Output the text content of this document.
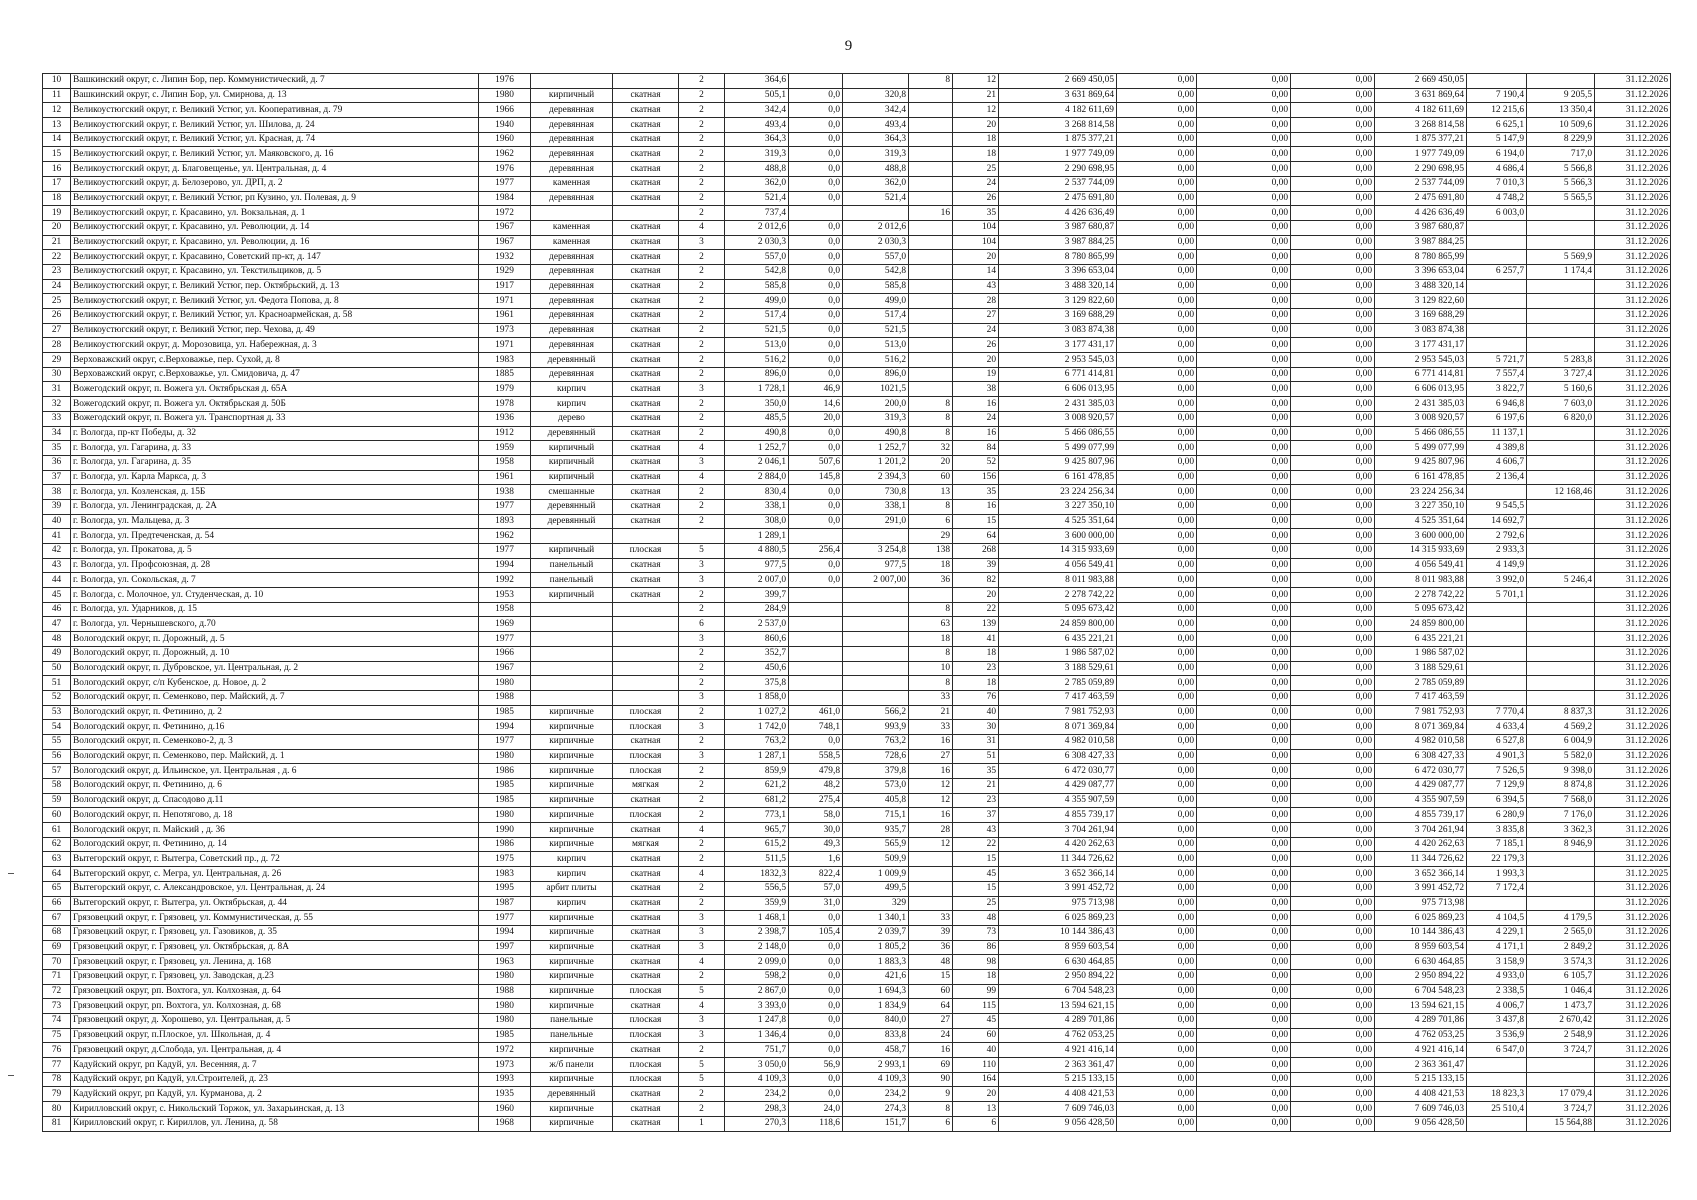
9
10	Вашкинский округ, с. Липин Бор, пер. Коммунистический, д. 7	1976			2	364,6			8	12	2 669 450,05	0,00	0,00	0,00	2 669 450,05			31.12.2026
11	Вашкинский округ, с. Липин Бор, ул. Смирнова, д. 13	1980	кирпичный	скатная	2	505,1	0,0	320,8		21	3 631 869,64	0,00	0,00	0,00	3 631 869,64	7 190,4	9 205,5	31.12.2026
12	Великоустюгский округ, г. Великий Устюг, ул. Кооперативная, д. 79	1966	деревянная	скатная	2	342,4	0,0	342,4		12	4 182 611,69	0,00	0,00	0,00	4 182 611,69	12 215,6	13 350,4	31.12.2026
13	Великоустюгский округ, г. Великий Устюг, ул. Шилова, д. 24	1940	деревянная	скатная	2	493,4	0,0	493,4		20	3 268 814,58	0,00	0,00	0,00	3 268 814,58	6 625,1	10 509,6	31.12.2026
14	Великоустюгский округ, г. Великий Устюг, ул. Красная, д. 74	1960	деревянная	скатная	2	364,3	0,0	364,3		18	1 875 377,21	0,00	0,00	0,00	1 875 377,21	5 147,9	8 229,9	31.12.2026
15	Великоустюгский округ, г. Великий Устюг, ул. Маяковского, д. 16	1962	деревянная	скатная	2	319,3	0,0	319,3		18	1 977 749,09	0,00	0,00	0,00	1 977 749,09	6 194,0	717,0	31.12.2026
16	Великоустюгский округ, д. Благовещенье, ул. Центральная, д. 4	1976	деревянная	скатная	2	488,8	0,0	488,8		25	2 290 698,95	0,00	0,00	0,00	2 290 698,95	4 686,4	5 566,8	31.12.2026
17	Великоустюгский округ, д. Белозерово, ул. ДРП, д. 2	1977	каменная	скатная	2	362,0	0,0	362,0		24	2 537 744,09	0,00	0,00	0,00	2 537 744,09	7 010,3	5 566,3	31.12.2026
18	Великоустюгский округ, г. Великий Устюг, рп Кузино, ул. Полевая, д. 9	1984	деревянная	скатная	2	521,4	0,0	521,4		26	2 475 691,80	0,00	0,00	0,00	2 475 691,80	4 748,2	5 565,5	31.12.2026
19	Великоустюгский округ, г. Красавино, ул. Вокзальная, д. 1	1972			2	737,4			16	35	4 426 636,49	0,00	0,00	0,00	4 426 636,49	6 003,0		31.12.2026
20	Великоустюгский округ, г. Красавино, ул. Революции, д. 14	1967	каменная	скатная	4	2 012,6	0,0	2 012,6		104	3 987 680,87	0,00	0,00	0,00	3 987 680,87			31.12.2026
21	Великоустюгский округ, г. Красавино, ул. Революции, д. 16	1967	каменная	скатная	3	2 030,3	0,0	2 030,3		104	3 987 884,25	0,00	0,00	0,00	3 987 884,25			31.12.2026
22	Великоустюгский округ, г. Красавино, Советский пр-кт, д. 147	1932	деревянная	скатная	2	557,0	0,0	557,0		20	8 780 865,99	0,00	0,00	0,00	8 780 865,99		5 569,9	31.12.2026
23	Великоустюгский округ, г. Красавино, ул. Текстильщиков, д. 5	1929	деревянная	скатная	2	542,8	0,0	542,8		14	3 396 653,04	0,00	0,00	0,00	3 396 653,04	6 257,7	1 174,4	31.12.2026
24	Великоустюгский округ, г. Великий Устюг, пер. Октябрьский, д. 13	1917	деревянная	скатная	2	585,8	0,0	585,8		43	3 488 320,14	0,00	0,00	0,00	3 488 320,14			31.12.2026
25	Великоустюгский округ, г. Великий Устюг, ул. Федота Попова, д. 8	1971	деревянная	скатная	2	499,0	0,0	499,0		28	3 129 822,60	0,00	0,00	0,00	3 129 822,60			31.12.2026
26	Великоустюгский округ, г. Великий Устюг, ул. Красноармейская, д. 58	1961	деревянная	скатная	2	517,4	0,0	517,4		27	3 169 688,29	0,00	0,00	0,00	3 169 688,29			31.12.2026
27	Великоустюгский округ, г. Великий Устюг, пер. Чехова, д. 49	1973	деревянная	скатная	2	521,5	0,0	521,5		24	3 083 874,38	0,00	0,00	0,00	3 083 874,38			31.12.2026
28	Великоустюгский округ, д. Морозовица, ул. Набережная, д. 3	1971	деревянная	скатная	2	513,0	0,0	513,0		26	3 177 431,17	0,00	0,00	0,00	3 177 431,17			31.12.2026
29	Верховажский округ, с.Верховажье, пер. Сухой, д. 8	1983	деревянный	скатная	2	516,2	0,0	516,2		20	2 953 545,03	0,00	0,00	0,00	2 953 545,03	5 721,7	5 283,8	31.12.2026
30	Верховажский округ, с.Верховажье, ул. Смидовича, д. 47	1885	деревянная	скатная	2	896,0	0,0	896,0		19	6 771 414,81	0,00	0,00	0,00	6 771 414,81	7 557,4	3 727,4	31.12.2026
31	Вожегодский округ, п. Вожега ул. Октябрьская д. 65А	1979	кирпич	скатная	3	1 728,1	46,9	1021,5		38	6 606 013,95	0,00	0,00	0,00	6 606 013,95	3 822,7	5 160,6	31.12.2026
32	Вожегодский округ, п. Вожега ул. Октябрьская д. 50Б	1978	кирпич	скатная	2	350,0	14,6	200,0	8	16	2 431 385,03	0,00	0,00	0,00	2 431 385,03	6 946,8	7 603,0	31.12.2026
33	Вожегодский округ, п. Вожега ул. Транспортная д. 33	1936	дерево	скатная	2	485,5	20,0	319,3	8	24	3 008 920,57	0,00	0,00	0,00	3 008 920,57	6 197,6	6 820,0	31.12.2026
34	г. Вологда, пр-кт Победы, д. 32	1912	деревянный	скатная	2	490,8	0,0	490,8	8	16	5 466 086,55	0,00	0,00	0,00	5 466 086,55	11 137,1		31.12.2026
35	г. Вологда, ул. Гагарина, д. 33	1959	кирпичный	скатная	4	1 252,7	0,0	1 252,7	32	84	5 499 077,99	0,00	0,00	0,00	5 499 077,99	4 389,8		31.12.2026
36	г. Вологда, ул. Гагарина, д. 35	1958	кирпичный	скатная	3	2 046,1	507,6	1 201,2	20	52	9 425 807,96	0,00	0,00	0,00	9 425 807,96	4 606,7		31.12.2026
37	г. Вологда, ул. Карла Маркса, д. 3	1961	кирпичный	скатная	4	2 884,0	145,8	2 394,3	60	156	6 161 478,85	0,00	0,00	0,00	6 161 478,85	2 136,4		31.12.2026
38	г. Вологда, ул. Козленская, д. 15Б	1938	смешанные	скатная	2	830,4	0,0	730,8	13	35	23 224 256,34	0,00	0,00	0,00	23 224 256,34		12 168,46	31.12.2026
39	г. Вологда, ул. Ленинградская, д. 2А	1977	деревянный	скатная	2	338,1	0,0	338,1	8	16	3 227 350,10	0,00	0,00	0,00	3 227 350,10	9 545,5		31.12.2026
40	г. Вологда, ул. Мальцева, д. 3	1893	деревянный	скатная	2	308,0	0,0	291,0	6	15	4 525 351,64	0,00	0,00	0,00	4 525 351,64	14 692,7		31.12.2026
41	г. Вологда, ул. Предтеченская, д. 54	1962				1 289,1			29	64	3 600 000,00	0,00	0,00	0,00	3 600 000,00	2 792,6		31.12.2026
42	г. Вологда, ул. Прокатова, д. 5	1977	кирпичный	плоская	5	4 880,5	256,4	3 254,8	138	268	14 315 933,69	0,00	0,00	0,00	14 315 933,69	2 933,3		31.12.2026
43	г. Вологда, ул. Профсоюзная, д. 28	1994	панельный	скатная	3	977,5	0,0	977,5	18	39	4 056 549,41	0,00	0,00	0,00	4 056 549,41	4 149,9		31.12.2026
44	г. Вологда, ул. Сокольская, д. 7	1992	панельный	скатная	3	2 007,0	0,0	2 007,00	36	82	8 011 983,88	0,00	0,00	0,00	8 011 983,88	3 992,0	5 246,4	31.12.2026
45	г. Вологда, с. Молочное, ул. Студенческая, д. 10	1953	кирпичный	скатная	2	399,7				20	2 278 742,22	0,00	0,00	0,00	2 278 742,22	5 701,1		31.12.2026
46	г. Вологда, ул. Ударников, д. 15	1958			2	284,9			8	22	5 095 673,42	0,00	0,00	0,00	5 095 673,42			31.12.2026
47	г. Вологда, ул. Чернышевского, д.70	1969			6	2 537,0			63	139	24 859 800,00	0,00	0,00	0,00	24 859 800,00			31.12.2026
48	Вологодский округ, п. Дорожный, д. 5	1977			3	860,6			18	41	6 435 221,21	0,00	0,00	0,00	6 435 221,21			31.12.2026
49	Вологодский округ, п. Дорожный, д. 10	1966			2	352,7			8	18	1 986 587,02	0,00	0,00	0,00	1 986 587,02			31.12.2026
50	Вологодский округ, п. Дубровское, ул. Центральная, д. 2	1967			2	450,6			10	23	3 188 529,61	0,00	0,00	0,00	3 188 529,61			31.12.2026
51	Вологодский округ, с/п Кубенское, д. Новое, д. 2	1980			2	375,8			8	18	2 785 059,89	0,00	0,00	0,00	2 785 059,89			31.12.2026
52	Вологодский округ, п. Семенково, пер. Майский, д. 7	1988			3	1 858,0			33	76	7 417 463,59	0,00	0,00	0,00	7 417 463,59			31.12.2026
53	Вологодский округ, п. Фетинино, д. 2	1985	кирпичные	плоская	2	1 027,2	461,0	566,2	21	40	7 981 752,93	0,00	0,00	0,00	7 981 752,93	7 770,4	8 837,3	31.12.2026
54	Вологодский округ, п. Фетинино, д.16	1994	кирпичные	плоская	3	1 742,0	748,1	993,9	33	30	8 071 369,84	0,00	0,00	0,00	8 071 369,84	4 633,4	4 569,2	31.12.2026
55	Вологодский округ, п. Семенково-2, д. 3	1977	кирпичные	скатная	2	763,2	0,0	763,2	16	31	4 982 010,58	0,00	0,00	0,00	4 982 010,58	6 527,8	6 004,9	31.12.2026
56	Вологодский округ, п. Семенково, пер. Майский, д. 1	1980	кирпичные	плоская	3	1 287,1	558,5	728,6	27	51	6 308 427,33	0,00	0,00	0,00	6 308 427,33	4 901,3	5 582,0	31.12.2026
57	Вологодский округ, д. Ильинское, ул. Центральная , д. 6	1986	кирпичные	плоская	2	859,9	479,8	379,8	16	35	6 472 030,77	0,00	0,00	0,00	6 472 030,77	7 526,5	9 398,0	31.12.2026
58	Вологодский округ, п. Фетинино, д. 6	1985	кирпичные	мягкая	2	621,2	48,2	573,0	12	21	4 429 087,77	0,00	0,00	0,00	4 429 087,77	7 129,9	8 874,8	31.12.2026
59	Вологодский округ, д. Спасодово д.11	1985	кирпичные	скатная	2	681,2	275,4	405,8	12	23	4 355 907,59	0,00	0,00	0,00	4 355 907,59	6 394,5	7 568,0	31.12.2026
60	Вологодский округ, п. Непотягово, д. 18	1980	кирпичные	плоская	2	773,1	58,0	715,1	16	37	4 855 739,17	0,00	0,00	0,00	4 855 739,17	6 280,9	7 176,0	31.12.2026
61	Вологодский округ, п. Майский , д. 36	1990	кирпичные	скатная	4	965,7	30,0	935,7	28	43	3 704 261,94	0,00	0,00	0,00	3 704 261,94	3 835,8	3 362,3	31.12.2026
62	Вологодский округ, п. Фетинино, д. 14	1986	кирпичные	мягкая	2	615,2	49,3	565,9	12	22	4 420 262,63	0,00	0,00	0,00	4 420 262,63	7 185,1	8 946,9	31.12.2026
63	Вытегорский округ, г. Вытегра, Советский пр., д. 72	1975	кирпич	скатная	2	511,5	1,6	509,9		15	11 344 726,62	0,00	0,00	0,00	11 344 726,62	22 179,3		31.12.2026
64	Вытегорский округ, с. Мегра, ул. Центральная, д. 26	1983	кирпич	скатная	4	1832,3	822,4	1 009,9		45	3 652 366,14	0,00	0,00	0,00	3 652 366,14	1 993,3		31.12.2025
65	Вытегорский округ, с. Александровское, ул. Центральная, д. 24	1995	арбит плиты	скатная	2	556,5	57,0	499,5		15	3 991 452,72	0,00	0,00	0,00	3 991 452,72	7 172,4		31.12.2026
66	Вытегорский округ, г. Вытегра, ул. Октябрьская, д. 44	1987	кирпич	скатная	2	359,9	31,0	329		25	975 713,98	0,00	0,00	0,00	975 713,98			31.12.2026
67	Грязовецкий округ, г. Грязовец, ул. Коммунистическая, д. 55	1977	кирпичные	скатная	3	1 468,1	0,0	1 340,1	33	48	6 025 869,23	0,00	0,00	0,00	6 025 869,23	4 104,5	4 179,5	31.12.2026
68	Грязовецкий округ, г. Грязовец, ул. Газовиков, д. 35	1994	кирпичные	скатная	3	2 398,7	105,4	2 039,7	39	73	10 144 386,43	0,00	0,00	0,00	10 144 386,43	4 229,1	2 565,0	31.12.2026
69	Грязовецкий округ, г. Грязовец, ул. Октябрьская, д. 8А	1997	кирпичные	скатная	3	2 148,0	0,0	1 805,2	36	86	8 959 603,54	0,00	0,00	0,00	8 959 603,54	4 171,1	2 849,2	31.12.2026
70	Грязовецкий округ, г. Грязовец, ул. Ленина, д. 168	1963	кирпичные	скатная	4	2 099,0	0,0	1 883,3	48	98	6 630 464,85	0,00	0,00	0,00	6 630 464,85	3 158,9	3 574,3	31.12.2026
71	Грязовецкий округ, г. Грязовец, ул. Заводская, д.23	1980	кирпичные	скатная	2	598,2	0,0	421,6	15	18	2 950 894,22	0,00	0,00	0,00	2 950 894,22	4 933,0	6 105,7	31.12.2026
72	Грязовецкий округ, рп. Вохтога, ул. Колхозная, д. 64	1988	кирпичные	плоская	5	2 867,0	0,0	1 694,3	60	99	6 704 548,23	0,00	0,00	0,00	6 704 548,23	2 338,5	1 046,4	31.12.2026
73	Грязовецкий округ, рп. Вохтога, ул. Колхозная, д. 68	1980	кирпичные	скатная	4	3 393,0	0,0	1 834,9	64	115	13 594 621,15	0,00	0,00	0,00	13 594 621,15	4 006,7	1 473,7	31.12.2026
74	Грязовецкий округ, д. Хорошево, ул. Центральная, д. 5	1980	панельные	плоская	3	1 247,8	0,0	840,0	27	45	4 289 701,86	0,00	0,00	0,00	4 289 701,86	3 437,8	2 670,42	31.12.2026
75	Грязовецкий округ, п.Плоское, ул. Школьная, д. 4	1985	панельные	плоская	3	1 346,4	0,0	833,8	24	60	4 762 053,25	0,00	0,00	0,00	4 762 053,25	3 536,9	2 548,9	31.12.2026
76	Грязовецкий округ, д.Слобода, ул. Центральная, д. 4	1972	кирпичные	скатная	2	751,7	0,0	458,7	16	40	4 921 416,14	0,00	0,00	0,00	4 921 416,14	6 547,0	3 724,7	31.12.2026
77	Кадуйский округ, рп Кадуй, ул. Весенняя, д. 7	1973	ж/б панели	плоская	5	3 050,0	56,9	2 993,1	69	110	2 363 361,47	0,00	0,00	0,00	2 363 361,47			31.12.2026
78	Кадуйский округ, рп Кадуй, ул.Строителей, д. 23	1993	кирпичные	плоская	5	4 109,3	0,0	4 109,3	90	164	5 215 133,15	0,00	0,00	0,00	5 215 133,15			31.12.2026
79	Кадуйский округ, рп Кадуй, ул. Курманова, д. 2	1935	деревянный	скатная	2	234,2	0,0	234,2	9	20	4 408 421,53	0,00	0,00	0,00	4 408 421,53	18 823,3	17 079,4	31.12.2026
80	Кирилловский округ, с. Никольский Торжок, ул. Захарьинская, д. 13	1960	кирпичные	скатная	2	298,3	24,0	274,3	8	13	7 609 746,03	0,00	0,00	0,00	7 609 746,03	25 510,4	3 724,7	31.12.2026
81	Кирилловский округ, г. Кириллов, ул. Ленина, д. 58	1968	кирпичные	скатная	1	270,3	118,6	151,7	6	6	9 056 428,50	0,00	0,00	0,00	9 056 428,50		15 564,88	31.12.2026
